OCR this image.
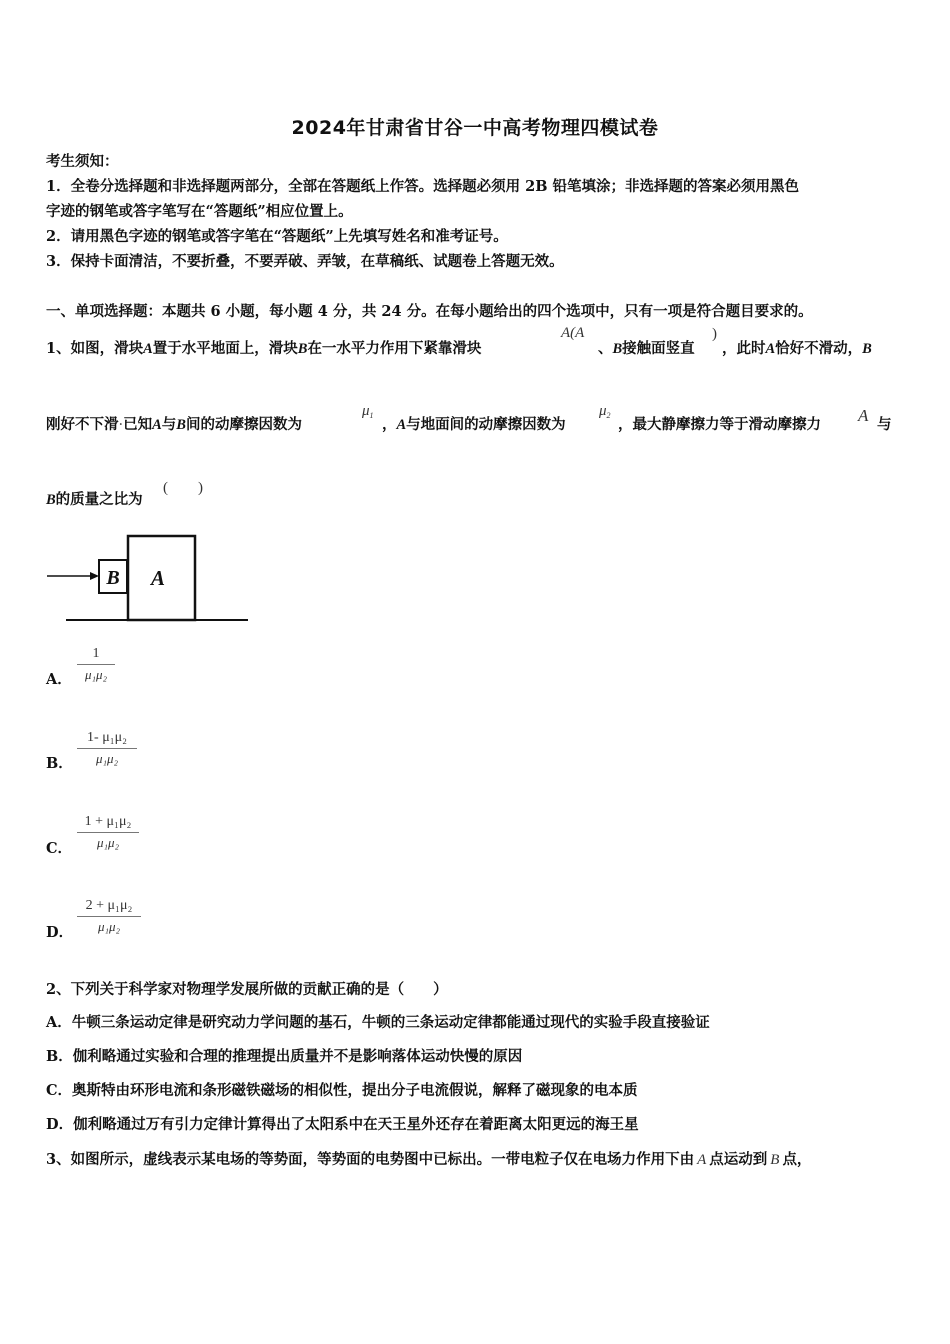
2024年甘肃省甘谷一中高考物理四模试卷
考生须知：
1．全卷分选择题和非选择题两部分，全部在答题纸上作答。选择题必须用 2B 铅笔填涂；非选择题的答案必须用黑色
字迹的钢笔或答字笔写在“答题纸”相应位置上。
2．请用黑色字迹的钢笔或答字笔在“答题纸”上先填写姓名和准考证号。
3．保持卡面清洁，不要折叠，不要弄破、弄皱，在草稿纸、试题卷上答题无效。
一、单项选择题：本题共 6 小题，每小题 4 分，共 24 分。在每小题给出的四个选项中，只有一项是符合题目要求的。
1、如图，滑块A置于水平地面上，滑块B在一水平力作用下紧靠滑块
A(A
、B接触面竖直
)
，此时A恰好不滑动，B
刚好不下滑·已知A与B间的动摩擦因数为
$\mu_1$
，A与地面间的动摩擦因数为
$\mu_2$
，最大静摩擦力等于滑动摩擦力 A 与
B的质量之比为
(　　)
B A
A．
1
μ₁μ₂
B．
1- μ₁μ₂
μ₁μ₂
C．
1 + μ₁μ₂
μ₁μ₂
D．
2 + μ₁μ₂
μ₁μ₂
2、下列关于科学家对物理学发展所做的贡献正确的是（　　）
A．牛顿三条运动定律是研究动力学问题的基石，牛顿的三条运动定律都能通过现代的实验手段直接验证
B．伽利略通过实验和合理的推理提出质量并不是影响落体运动快慢的原因
C．奥斯特由环形电流和条形磁铁磁场的相似性，提出分子电流假说，解释了磁现象的电本质
D．伽利略通过万有引力定律计算得出了太阳系中在天王星外还存在着距离太阳更远的海王星
3、如图所示，虚线表示某电场的等势面，等势面的电势图中已标出。一带电粒子仅在电场力作用下由 A 点运动到 B 点，
